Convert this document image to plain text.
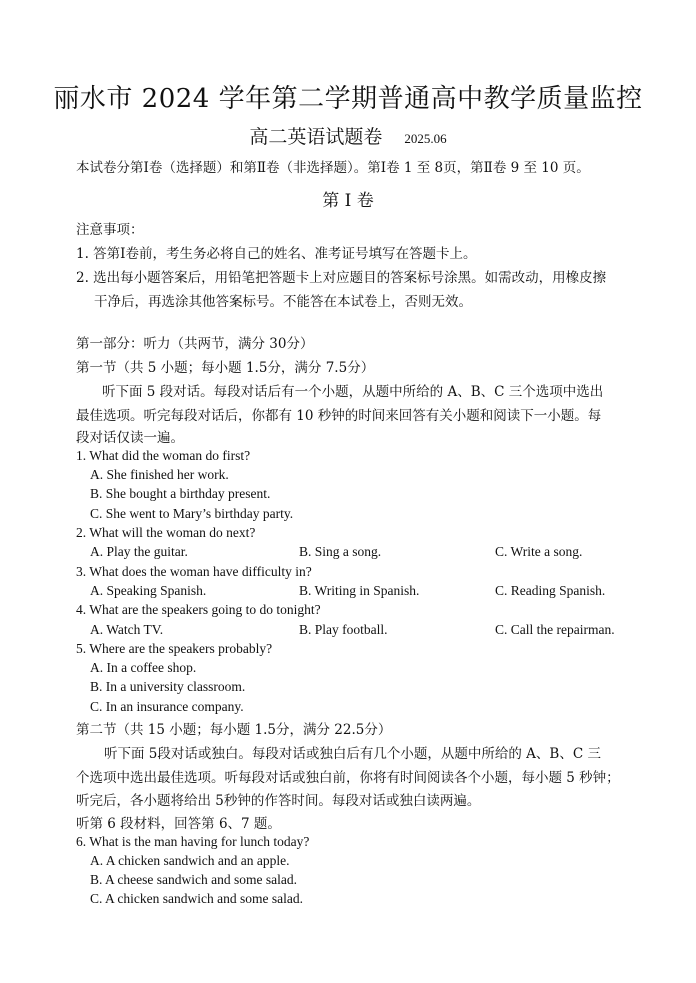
丽水市 2024 学年第二学期普通高中教学质量监控
高二英语试题卷 2025.06
本试卷分第Ⅰ卷（选择题）和第Ⅱ卷（非选择题）。第Ⅰ卷 1 至 8页，第Ⅱ卷 9 至 10 页。
第 Ⅰ 卷
注意事项：
1. 答第Ⅰ卷前，考生务必将自己的姓名、准考证号填写在答题卡上。
2. 选出每小题答案后，用铅笔把答题卡上对应题目的答案标号涂黑。如需改动，用橡皮擦
干净后，再选涂其他答案标号。不能答在本试卷上，否则无效。
第一部分：听力（共两节，满分 30分）
第一节（共 5 小题；每小题 1.5分，满分 7.5分）
听下面 5 段对话。每段对话后有一个小题，从题中所给的 A、B、C 三个选项中选出
最佳选项。听完每段对话后，你都有 10 秒钟的时间来回答有关小题和阅读下一小题。每
段对话仅读一遍。
1. What did the woman do first?
A. She finished her work.
B. She bought a birthday present.
C. She went to Mary’s birthday party.
2. What will the woman do next?
A. Play the guitar.	B. Sing a song.	C. Write a song.
3. What does the woman have difficulty in?
A. Speaking Spanish.	B. Writing in Spanish.	C. Reading Spanish.
4. What are the speakers going to do tonight?
A. Watch TV.	B. Play football.	C. Call the repairman.
5. Where are the speakers probably?
A. In a coffee shop.
B. In a university classroom.
C. In an insurance company.
第二节（共 15 小题；每小题 1.5分，满分 22.5分）
听下面 5段对话或独白。每段对话或独白后有几个小题，从题中所给的 A、B、C 三
个选项中选出最佳选项。听每段对话或独白前，你将有时间阅读各个小题，每小题 5 秒钟；
听完后，各小题将给出 5秒钟的作答时间。每段对话或独白读两遍。
听第 6 段材料，回答第 6、7 题。
6. What is the man having for lunch today?
A. A chicken sandwich and an apple.
B. A cheese sandwich and some salad.
C. A chicken sandwich and some salad.
